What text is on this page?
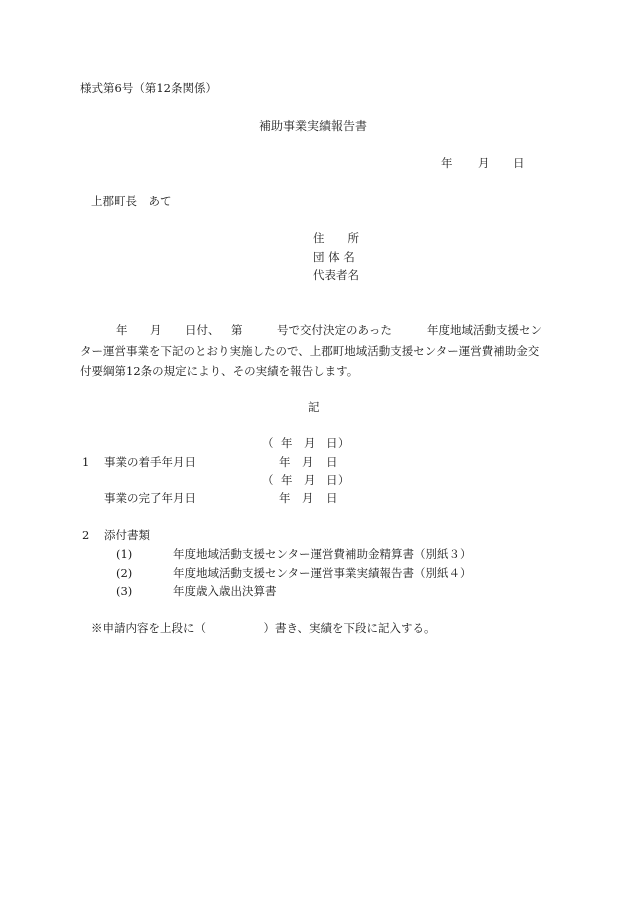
様式第6号（第12条関係）
補助事業実績報告書
年 月 日
上郡町長　あて
住　　所
団 体 名
代表者名
年 月 日付、 第	号で交付決定のあった	年度地域活動支援セン
ター運営事業を下記のとおり実施したので、上郡町地域活動支援センター運営費補助金交
付要綱第12条の規定により、その実績を報告します。
記
（ 年 月 日 ）
1 事業の着手年月日	年 月 日
（ 年 月 日 ）
事業の完了年月日	年 月 日
2 添付書類
(1)	年度地域活動支援センター運営費補助金精算書（別紙３）
(2)	年度地域活動支援センター運営事業実績報告書（別紙４）
(3)	年度歳入歳出決算書
※申請内容を上段に（　　　　　）書き、実績を下段に記入する。
